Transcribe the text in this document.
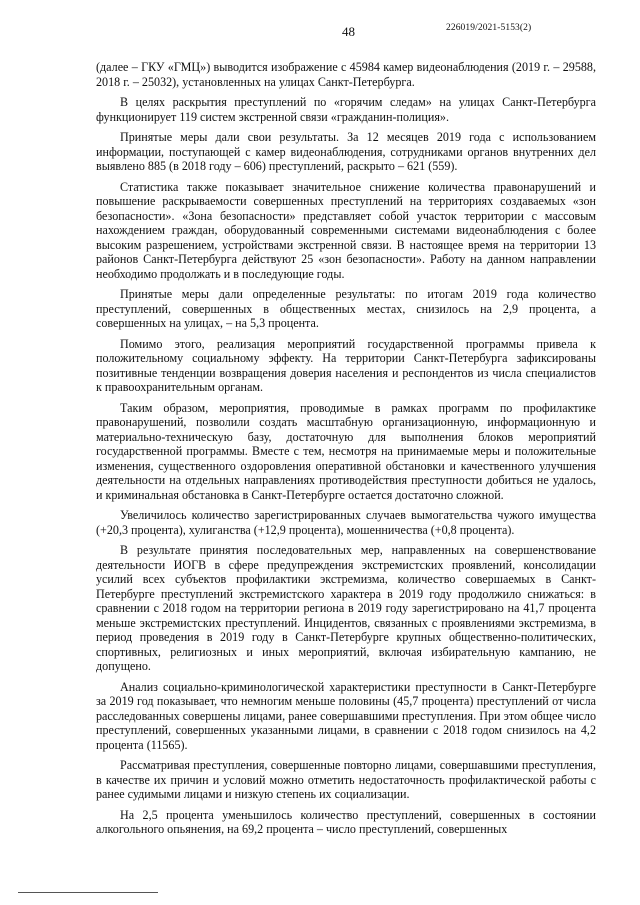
48	226019/2021-5153(2)

(далее – ГКУ «ГМЦ») выводится изображение с 45984 камер видеонаблюдения (2019 г. – 29588, 2018 г. – 25032), установленных на улицах Санкт-Петербурга.

В целях раскрытия преступлений по «горячим следам» на улицах Санкт-Петербурга функционирует 119 систем экстренной связи «гражданин-полиция».

Принятые меры дали свои результаты. За 12 месяцев 2019 года с использованием информации, поступающей с камер видеонаблюдения, сотрудниками органов внутренних дел выявлено 885 (в 2018 году – 606) преступлений, раскрыто – 621 (559).

Статистика также показывает значительное снижение количества правонарушений и повышение раскрываемости совершенных преступлений на территориях создаваемых «зон безопасности». «Зона безопасности» представляет собой участок территории с массовым нахождением граждан, оборудованный современными системами видеонаблюдения с более высоким разрешением, устройствами экстренной связи. В настоящее время на территории 13 районов Санкт-Петербурга действуют 25 «зон безопасности». Работу на данном направлении необходимо продолжать и в последующие годы.

Принятые меры дали определенные результаты: по итогам 2019 года количество преступлений, совершенных в общественных местах, снизилось на 2,9 процента, а совершенных на улицах, – на 5,3 процента.

Помимо этого, реализация мероприятий государственной программы привела к положительному социальному эффекту. На территории Санкт-Петербурга зафиксированы позитивные тенденции возвращения доверия населения и респондентов из числа специалистов к правоохранительным органам.

Таким образом, мероприятия, проводимые в рамках программ по профилактике правонарушений, позволили создать масштабную организационную, информационную и материально-техническую базу, достаточную для выполнения блоков мероприятий государственной программы. Вместе с тем, несмотря на принимаемые меры и положительные изменения, существенного оздоровления оперативной обстановки и качественного улучшения деятельности на отдельных направлениях противодействия преступности добиться не удалось, и криминальная обстановка в Санкт-Петербурге остается достаточно сложной.

Увеличилось количество зарегистрированных случаев вымогательства чужого имущества (+20,3 процента), хулиганства (+12,9 процента), мошенничества (+0,8 процента).

В результате принятия последовательных мер, направленных на совершенствование деятельности ИОГВ в сфере предупреждения экстремистских проявлений, консолидации усилий всех субъектов профилактики экстремизма, количество совершаемых в Санкт-Петербурге преступлений экстремистского характера в 2019 году продолжило снижаться: в сравнении с 2018 годом на территории региона в 2019 году зарегистрировано на 41,7 процента меньше экстремистских преступлений. Инцидентов, связанных с проявлениями экстремизма, в период проведения в 2019 году в Санкт-Петербурге крупных общественно-политических, спортивных, религиозных и иных мероприятий, включая избирательную кампанию, не допущено.

Анализ социально-криминологической характеристики преступности в Санкт-Петербурге за 2019 год показывает, что немногим меньше половины (45,7 процента) преступлений от числа расследованных совершены лицами, ранее совершавшими преступления. При этом общее число преступлений, совершенных указанными лицами, в сравнении с 2018 годом снизилось на 4,2 процента (11565).

Рассматривая преступления, совершенные повторно лицами, совершавшими преступления, в качестве их причин и условий можно отметить недостаточность профилактической работы с ранее судимыми лицами и низкую степень их социализации.

На 2,5 процента уменьшилось количество преступлений, совершенных в состоянии алкогольного опьянения, на 69,2 процента – число преступлений, совершенных
